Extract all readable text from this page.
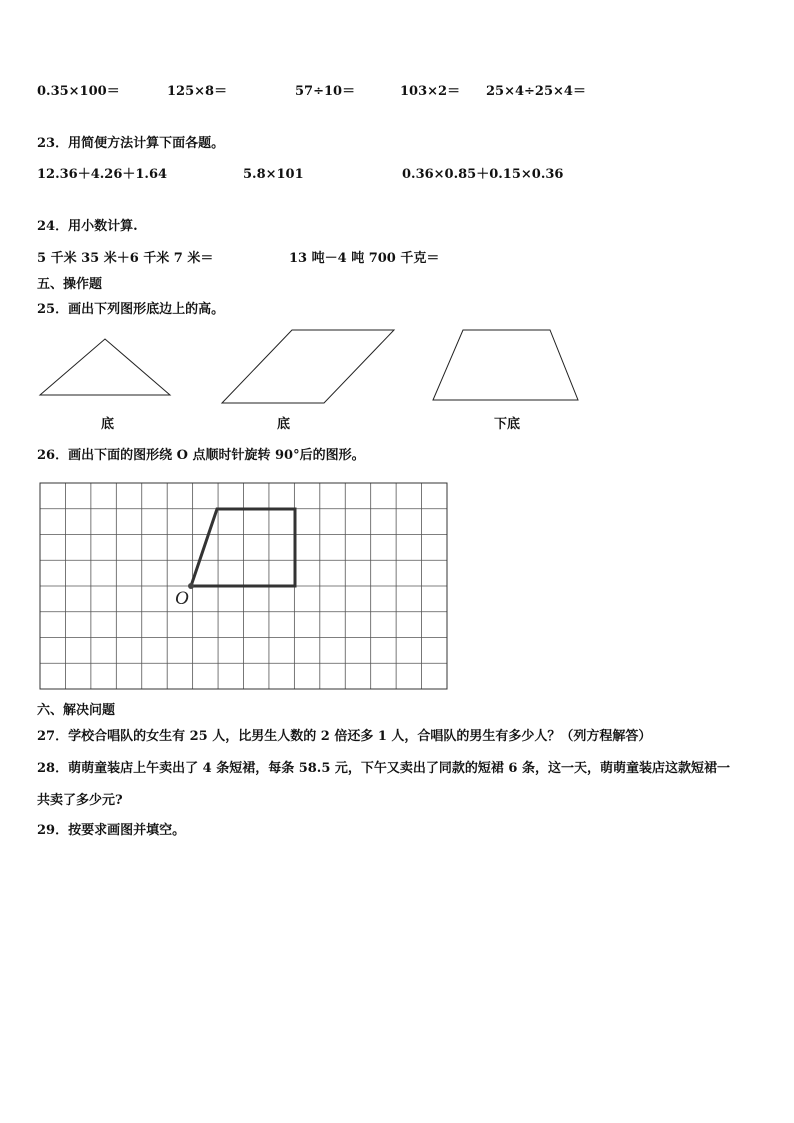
0.35×100＝	125×8＝	57÷10＝	103×2＝ 25×4÷25×4＝
23．用简便方法计算下面各题。
12.36＋4.26＋1.64	5.8×101	0.36×0.85＋0.15×0.36
24．用小数计算.
5 千米 35 米＋6 千米 7 米＝	13 吨－4 吨 700 千克＝
五、操作题
25．画出下列图形底边上的高。
底	底	下底
26．画出下面的图形绕 O 点顺时针旋转 90°后的图形。
O
六、解决问题
27．学校合唱队的女生有 25 人，比男生人数的 2 倍还多 1 人，合唱队的男生有多少人？（列方程解答）
28．萌萌童装店上午卖出了 4 条短裙，每条 58.5 元，下午又卖出了同款的短裙 6 条，这一天，萌萌童装店这款短裙一
共卖了多少元?
29．按要求画图并填空。
